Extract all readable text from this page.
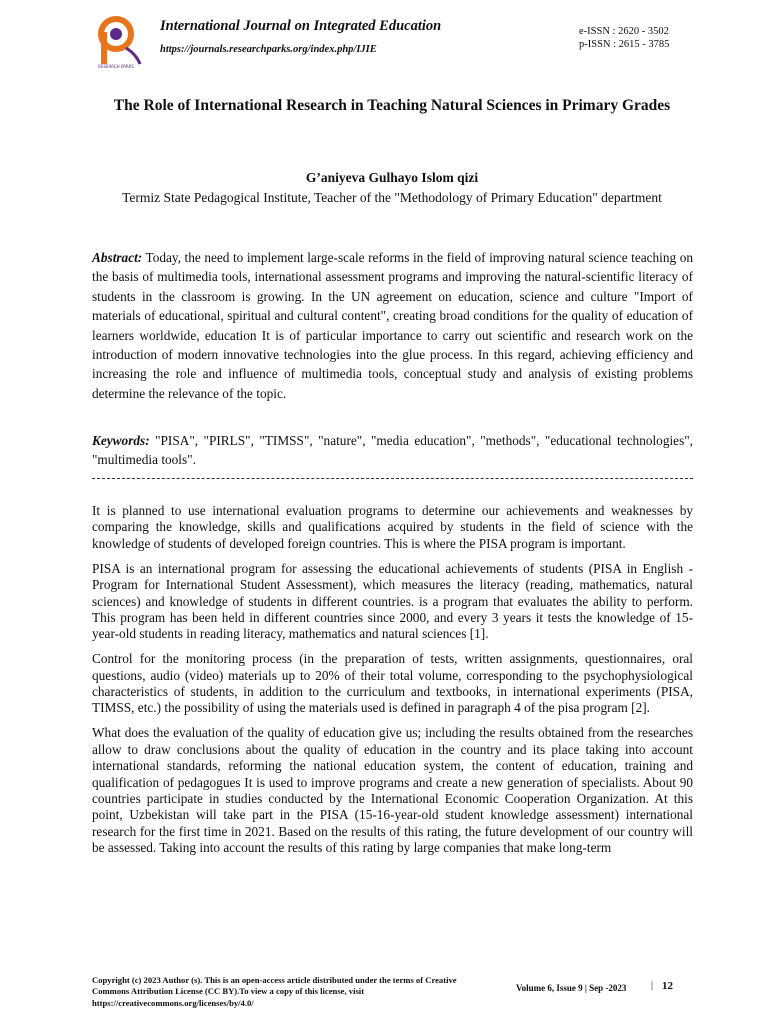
RESEARCH PARKS
International Journal on Integrated Education
https://journals.researchparks.org/index.php/IJIE
e-ISSN : 2620 - 3502
p-ISSN : 2615 - 3785
The Role of International Research in Teaching Natural Sciences in Primary Grades
G’aniyeva Gulhayo Islom qizi
Termiz State Pedagogical Institute, Teacher of the "Methodology of Primary Education" department

Abstract: Today, the need to implement large-scale reforms in the field of improving natural science teaching on the basis of multimedia tools, international assessment programs and improving the natural-scientific literacy of students in the classroom is growing. In the UN agreement on education, science and culture "Import of materials of educational, spiritual and cultural content", creating broad conditions for the quality of education of learners worldwide, education It is of particular importance to carry out scientific and research work on the introduction of modern innovative technologies into the glue process. In this regard, achieving efficiency and increasing the role and influence of multimedia tools, conceptual study and analysis of existing problems determine the relevance of the topic.

Keywords: "PISA", "PIRLS", "TIMSS", "nature", "media education", "methods", "educational technologies", "multimedia tools".

It is planned to use international evaluation programs to determine our achievements and weaknesses by comparing the knowledge, skills and qualifications acquired by students in the field of science with the knowledge of students of developed foreign countries. This is where the PISA program is important.

PISA is an international program for assessing the educational achievements of students (PISA in English - Program for International Student Assessment), which measures the literacy (reading, mathematics, natural sciences) and knowledge of students in different countries. is a program that evaluates the ability to perform. This program has been held in different countries since 2000, and every 3 years it tests the knowledge of 15-year-old students in reading literacy, mathematics and natural sciences [1].

Control for the monitoring process (in the preparation of tests, written assignments, questionnaires, oral questions, audio (video) materials up to 20% of their total volume, corresponding to the psychophysiological characteristics of students, in addition to the curriculum and textbooks, in international experiments (PISA, TIMSS, etc.) the possibility of using the materials used is defined in paragraph 4 of the pisa program [2].

What does the evaluation of the quality of education give us; including the results obtained from the researches allow to draw conclusions about the quality of education in the country and its place taking into account international standards, reforming the national education system, the content of education, training and qualification of pedagogues It is used to improve programs and create a new generation of specialists. About 90 countries participate in studies conducted by the International Economic Cooperation Organization. At this point, Uzbekistan will take part in the PISA (15-16-year-old student knowledge assessment) international research for the first time in 2021. Based on the results of this rating, the future development of our country will be assessed. Taking into account the results of this rating by large companies that make long-term

Copyright (c) 2023 Author (s). This is an open-access article distributed under the terms of Creative Commons Attribution License (CC BY).To view a copy of this license, visit https://creativecommons.org/licenses/by/4.0/
Volume 6, Issue 9 | Sep -2023 | 12
